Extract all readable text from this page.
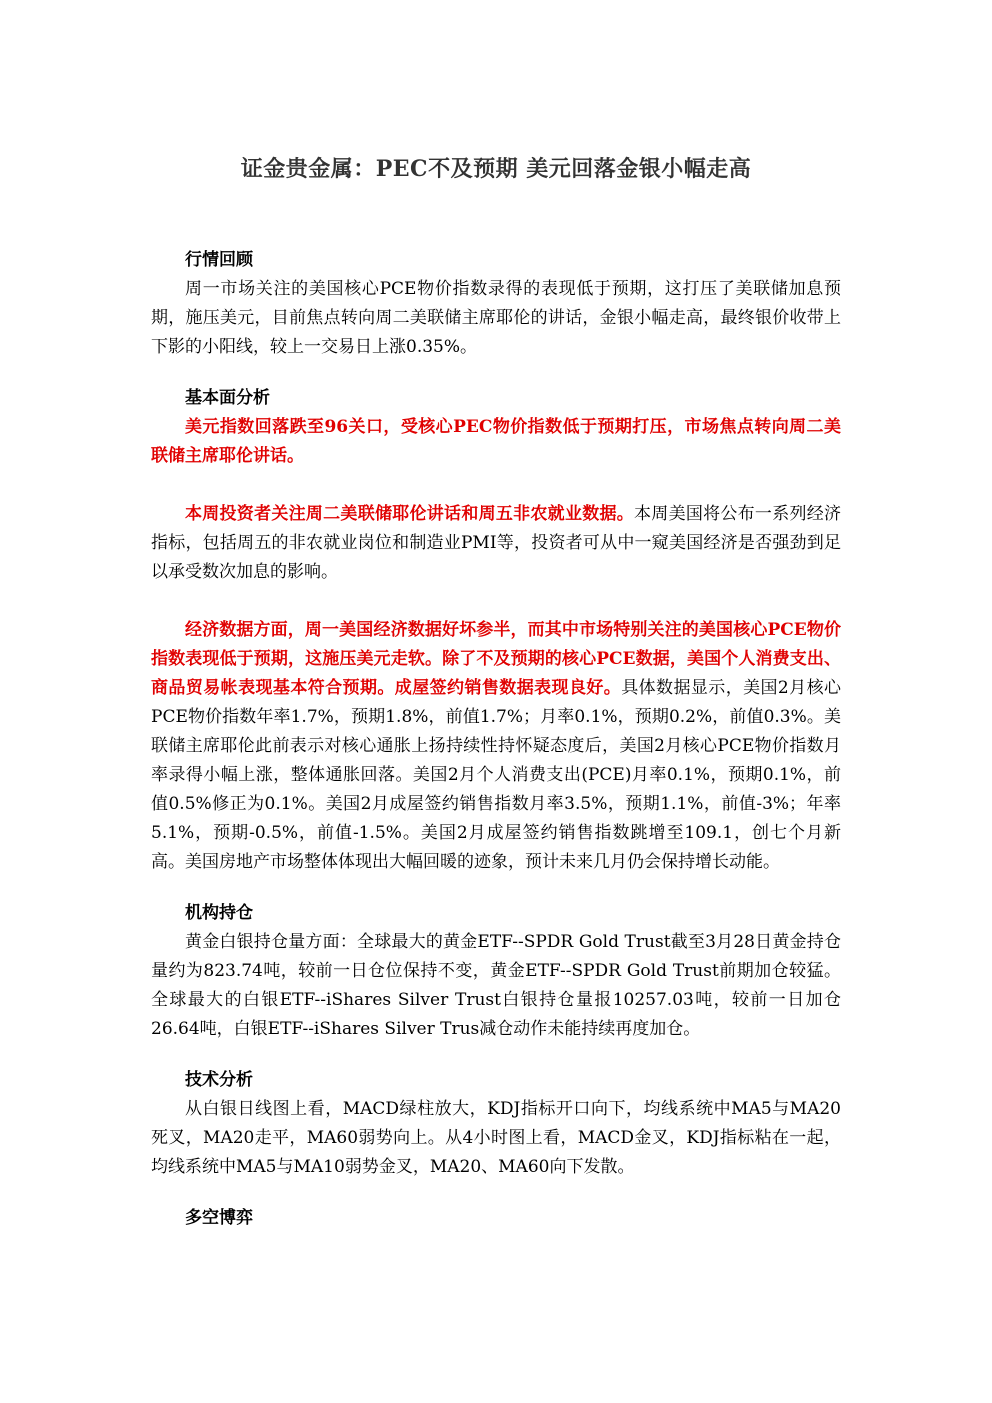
证金贵金属：PEC不及预期 美元回落金银小幅走高

行情回顾

周一市场关注的美国核心PCE物价指数录得的表现低于预期，这打压了美联储加息预期，施压美元，目前焦点转向周二美联储主席耶伦的讲话，金银小幅走高，最终银价收带上下影的小阳线，较上一交易日上涨0.35%。

基本面分析

美元指数回落跌至96关口，受核心PEC物价指数低于预期打压，市场焦点转向周二美联储主席耶伦讲话。

本周投资者关注周二美联储耶伦讲话和周五非农就业数据。本周美国将公布一系列经济指标，包括周五的非农就业岗位和制造业PMI等，投资者可从中一窥美国经济是否强劲到足以承受数次加息的影响。

经济数据方面，周一美国经济数据好坏参半，而其中市场特别关注的美国核心PCE物价指数表现低于预期，这施压美元走软。除了不及预期的核心PCE数据，美国个人消费支出、商品贸易帐表现基本符合预期。成屋签约销售数据表现良好。具体数据显示，美国2月核心PCE物价指数年率1.7%，预期1.8%，前值1.7%；月率0.1%，预期0.2%，前值0.3%。美联储主席耶伦此前表示对核心通胀上扬持续性持怀疑态度后，美国2月核心PCE物价指数月率录得小幅上涨，整体通胀回落。美国2月个人消费支出(PCE)月率0.1%，预期0.1%，前值0.5%修正为0.1%。美国2月成屋签约销售指数月率3.5%，预期1.1%，前值-3%；年率5.1%，预期-0.5%，前值-1.5%。美国2月成屋签约销售指数跳增至109.1，创七个月新高。美国房地产市场整体体现出大幅回暖的迹象，预计未来几月仍会保持增长动能。

机构持仓

黄金白银持仓量方面：全球最大的黄金ETF--SPDR Gold Trust截至3月28日黄金持仓量约为823.74吨，较前一日仓位保持不变，黄金ETF--SPDR Gold Trust前期加仓较猛。全球最大的白银ETF--iShares Silver Trust白银持仓量报10257.03吨，较前一日加仓26.64吨，白银ETF--iShares Silver Trus减仓动作未能持续再度加仓。

技术分析

从白银日线图上看，MACD绿柱放大，KDJ指标开口向下，均线系统中MA5与MA20死叉，MA20走平，MA60弱势向上。从4小时图上看，MACD金叉，KDJ指标粘在一起，均线系统中MA5与MA10弱势金叉，MA20、MA60向下发散。

多空博弈
